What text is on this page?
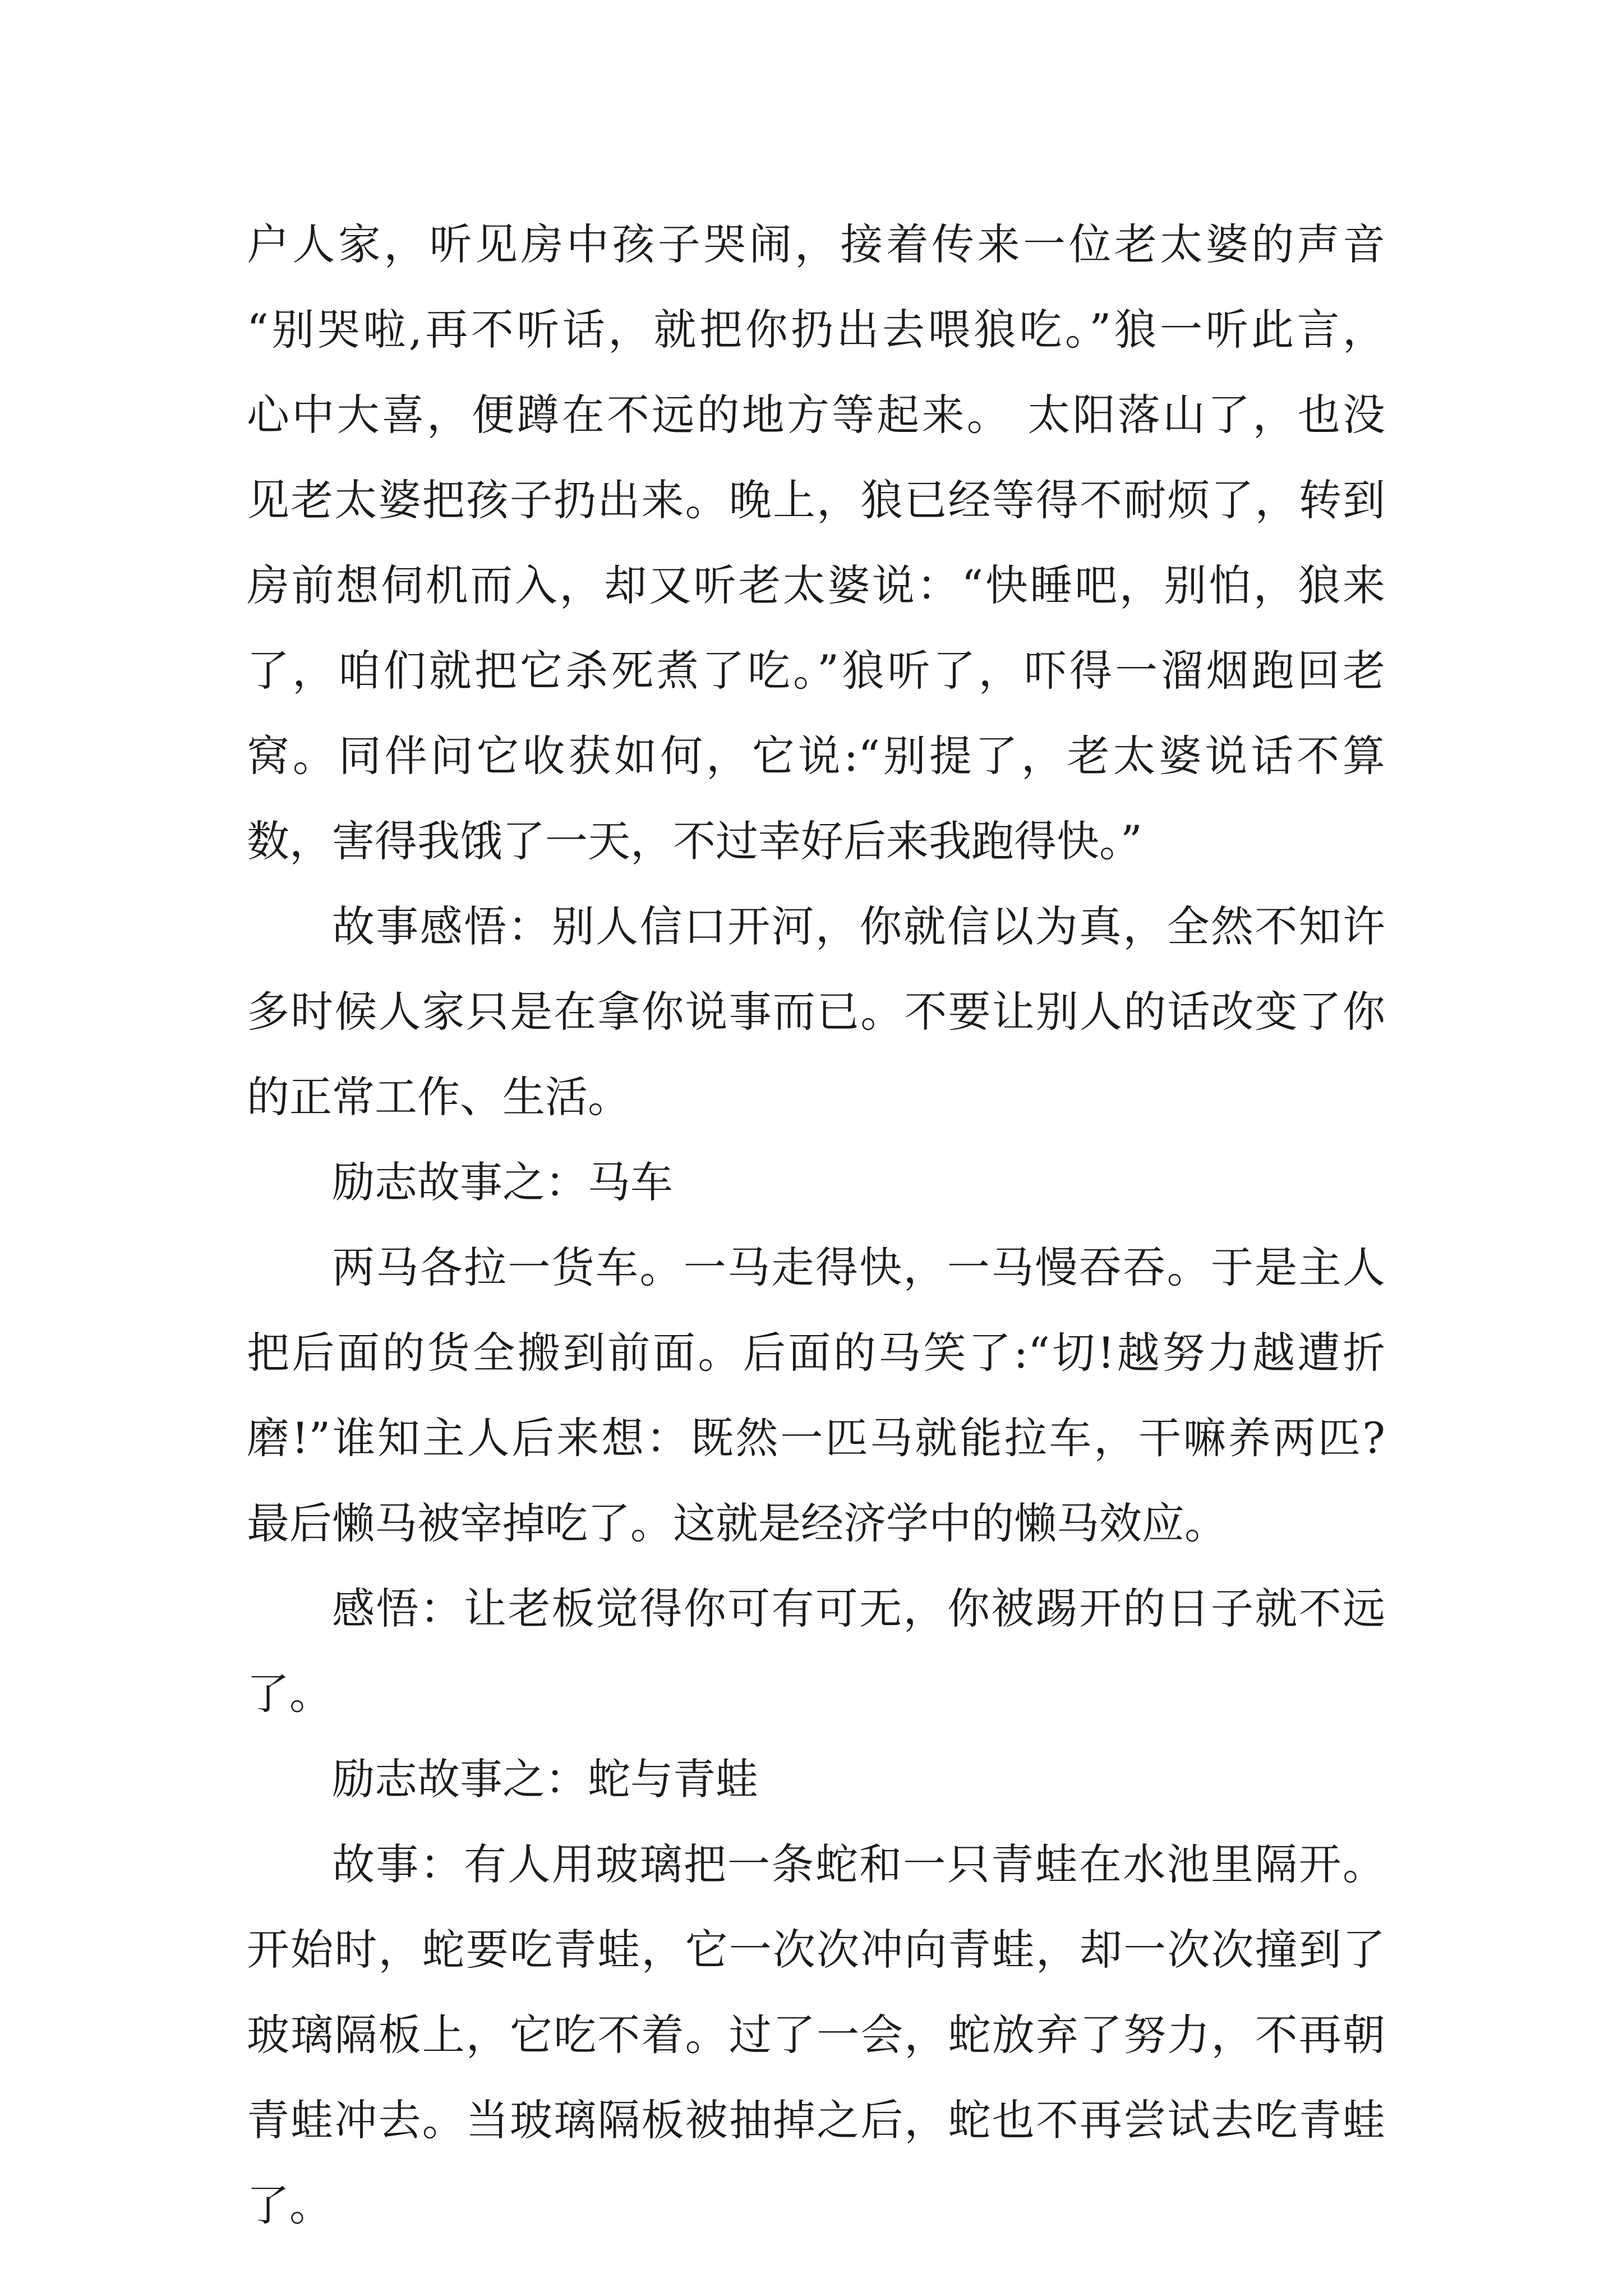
户人家，听见房中孩子哭闹，接着传来一位老太婆的声音
“别哭啦,再不听话，就把你扔出去喂狼吃。”狼一听此言，
心中大喜，便蹲在不远的地方等起来。 太阳落山了，也没
见老太婆把孩子扔出来。晚上，狼已经等得不耐烦了，转到
房前想伺机而入，却又听老太婆说：“快睡吧，别怕，狼来
了，咱们就把它杀死煮了吃。”狼听了，吓得一溜烟跑回老
窝。同伴问它收获如何，它说:“别提了，老太婆说话不算
数，害得我饿了一天，不过幸好后来我跑得快。”
故事感悟：别人信口开河，你就信以为真，全然不知许
多时候人家只是在拿你说事而已。不要让别人的话改变了你
的正常工作、生活。
励志故事之：马车
两马各拉一货车。一马走得快，一马慢吞吞。于是主人
把后面的货全搬到前面。后面的马笑了:“切!越努力越遭折
磨!”谁知主人后来想：既然一匹马就能拉车，干嘛养两匹?
最后懒马被宰掉吃了。这就是经济学中的懒马效应。
感悟：让老板觉得你可有可无，你被踢开的日子就不远
了。
励志故事之：蛇与青蛙
故事：有人用玻璃把一条蛇和一只青蛙在水池里隔开。
开始时，蛇要吃青蛙，它一次次冲向青蛙，却一次次撞到了
玻璃隔板上，它吃不着。过了一会，蛇放弃了努力，不再朝
青蛙冲去。当玻璃隔板被抽掉之后，蛇也不再尝试去吃青蛙
了。
